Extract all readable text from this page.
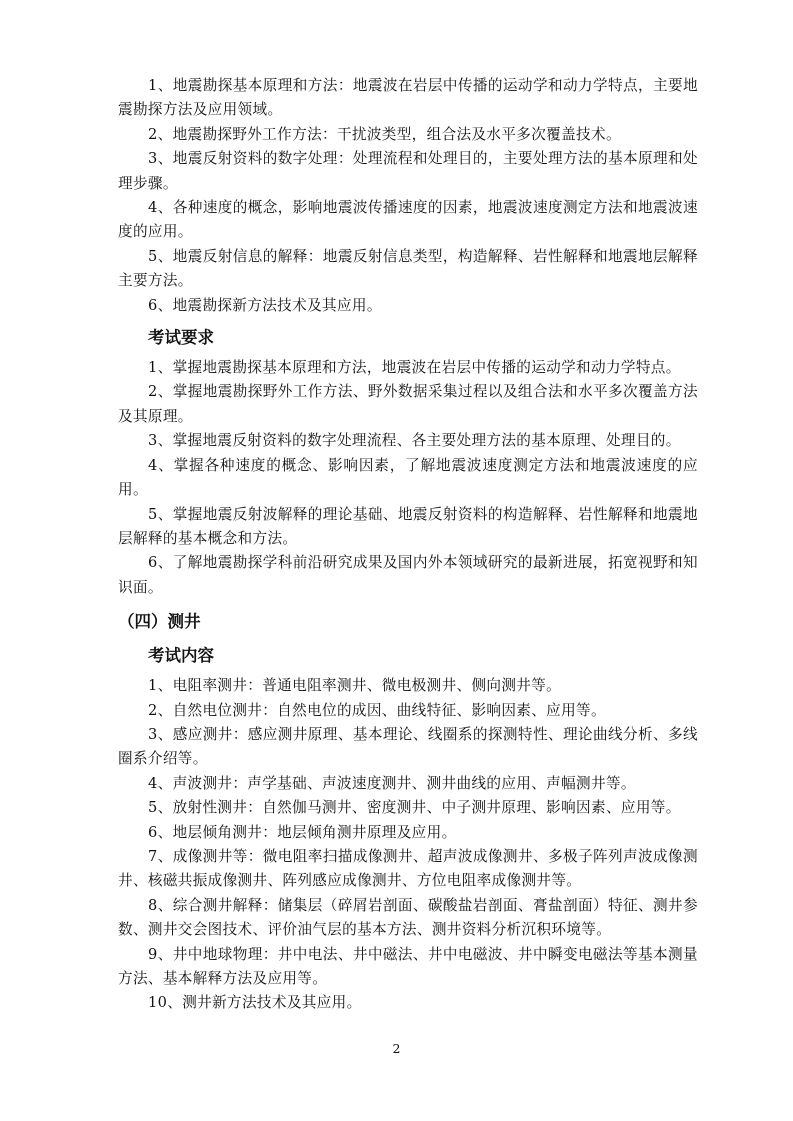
1、地震勘探基本原理和方法：地震波在岩层中传播的运动学和动力学特点，主要地震勘探方法及应用领域。

2、地震勘探野外工作方法：干扰波类型，组合法及水平多次覆盖技术。

3、地震反射资料的数字处理：处理流程和处理目的，主要处理方法的基本原理和处理步骤。

4、各种速度的概念，影响地震波传播速度的因素，地震波速度测定方法和地震波速度的应用。

5、地震反射信息的解释：地震反射信息类型，构造解释、岩性解释和地震地层解释主要方法。

6、地震勘探新方法技术及其应用。

考试要求

1、掌握地震勘探基本原理和方法，地震波在岩层中传播的运动学和动力学特点。

2、掌握地震勘探野外工作方法、野外数据采集过程以及组合法和水平多次覆盖方法及其原理。

3、掌握地震反射资料的数字处理流程、各主要处理方法的基本原理、处理目的。

4、掌握各种速度的概念、影响因素，了解地震波速度测定方法和地震波速度的应用。

5、掌握地震反射波解释的理论基础、地震反射资料的构造解释、岩性解释和地震地层解释的基本概念和方法。

6、了解地震勘探学科前沿研究成果及国内外本领域研究的最新进展，拓宽视野和知识面。

（四）测井
考试内容

1、电阻率测井：普通电阻率测井、微电极测井、侧向测井等。

2、自然电位测井：自然电位的成因、曲线特征、影响因素、应用等。

3、感应测井：感应测井原理、基本理论、线圈系的探测特性、理论曲线分析、多线圈系介绍等。

4、声波测井：声学基础、声波速度测井、测井曲线的应用、声幅测井等。

5、放射性测井：自然伽马测井、密度测井、中子测井原理、影响因素、应用等。

6、地层倾角测井：地层倾角测井原理及应用。

7、成像测井等：微电阻率扫描成像测井、超声波成像测井、多极子阵列声波成像测井、核磁共振成像测井、阵列感应成像测井、方位电阻率成像测井等。

8、综合测井解释：储集层（碎屑岩剖面、碳酸盐岩剖面、膏盐剖面）特征、测井参数、测井交会图技术、评价油气层的基本方法、测井资料分析沉积环境等。

9、井中地球物理：井中电法、井中磁法、井中电磁波、井中瞬变电磁法等基本测量方法、基本解释方法及应用等。

10、测井新方法技术及其应用。

2
